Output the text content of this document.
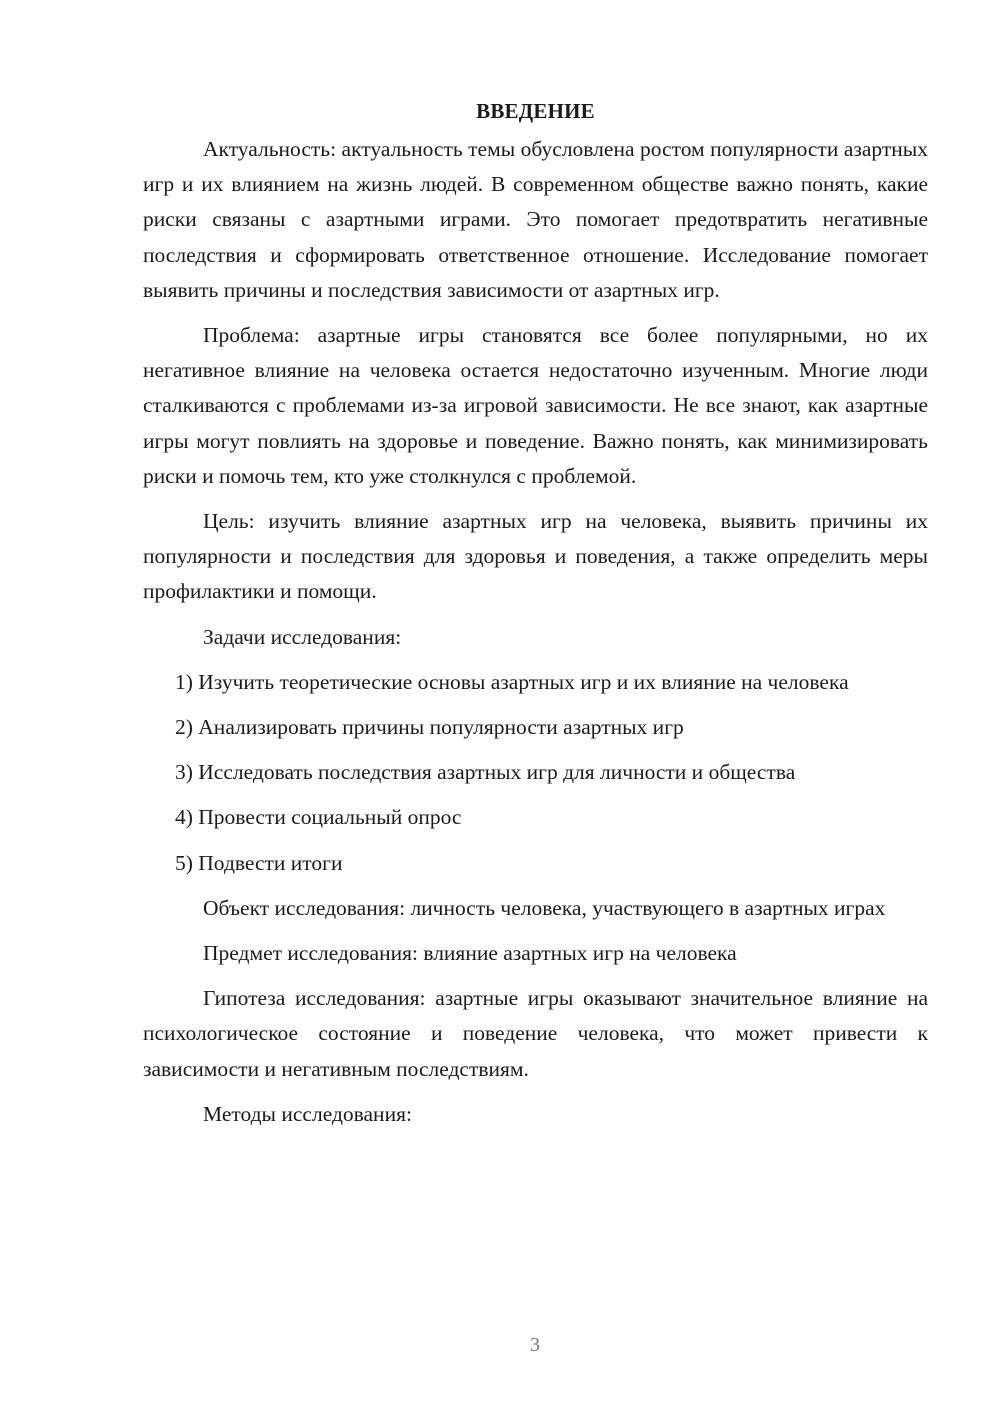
ВВЕДЕНИЕ

Актуальность: актуальность темы обусловлена ростом популярности азартных игр и их влиянием на жизнь людей. В современном обществе важно понять, какие риски связаны с азартными играми. Это помогает предотвратить негативные последствия и сформировать ответственное отношение. Исследование помогает выявить причины и последствия зависимости от азартных игр.

Проблема: азартные игры становятся все более популярными, но их негативное влияние на человека остается недостаточно изученным. Многие люди сталкиваются с проблемами из-за игровой зависимости. Не все знают, как азартные игры могут повлиять на здоровье и поведение. Важно понять, как минимизировать риски и помочь тем, кто уже столкнулся с проблемой.

Цель: изучить влияние азартных игр на человека, выявить причины их популярности и последствия для здоровья и поведения, а также определить меры профилактики и помощи.

Задачи исследования:

1) Изучить теоретические основы азартных игр и их влияние на человека

2) Анализировать причины популярности азартных игр

3) Исследовать последствия азартных игр для личности и общества

4) Провести социальный опрос

5) Подвести итоги

Объект исследования: личность человека, участвующего в азартных играх

Предмет исследования: влияние азартных игр на человека

Гипотеза исследования: азартные игры оказывают значительное влияние на психологическое состояние и поведение человека, что может привести к зависимости и негативным последствиям.

Методы исследования:

3
